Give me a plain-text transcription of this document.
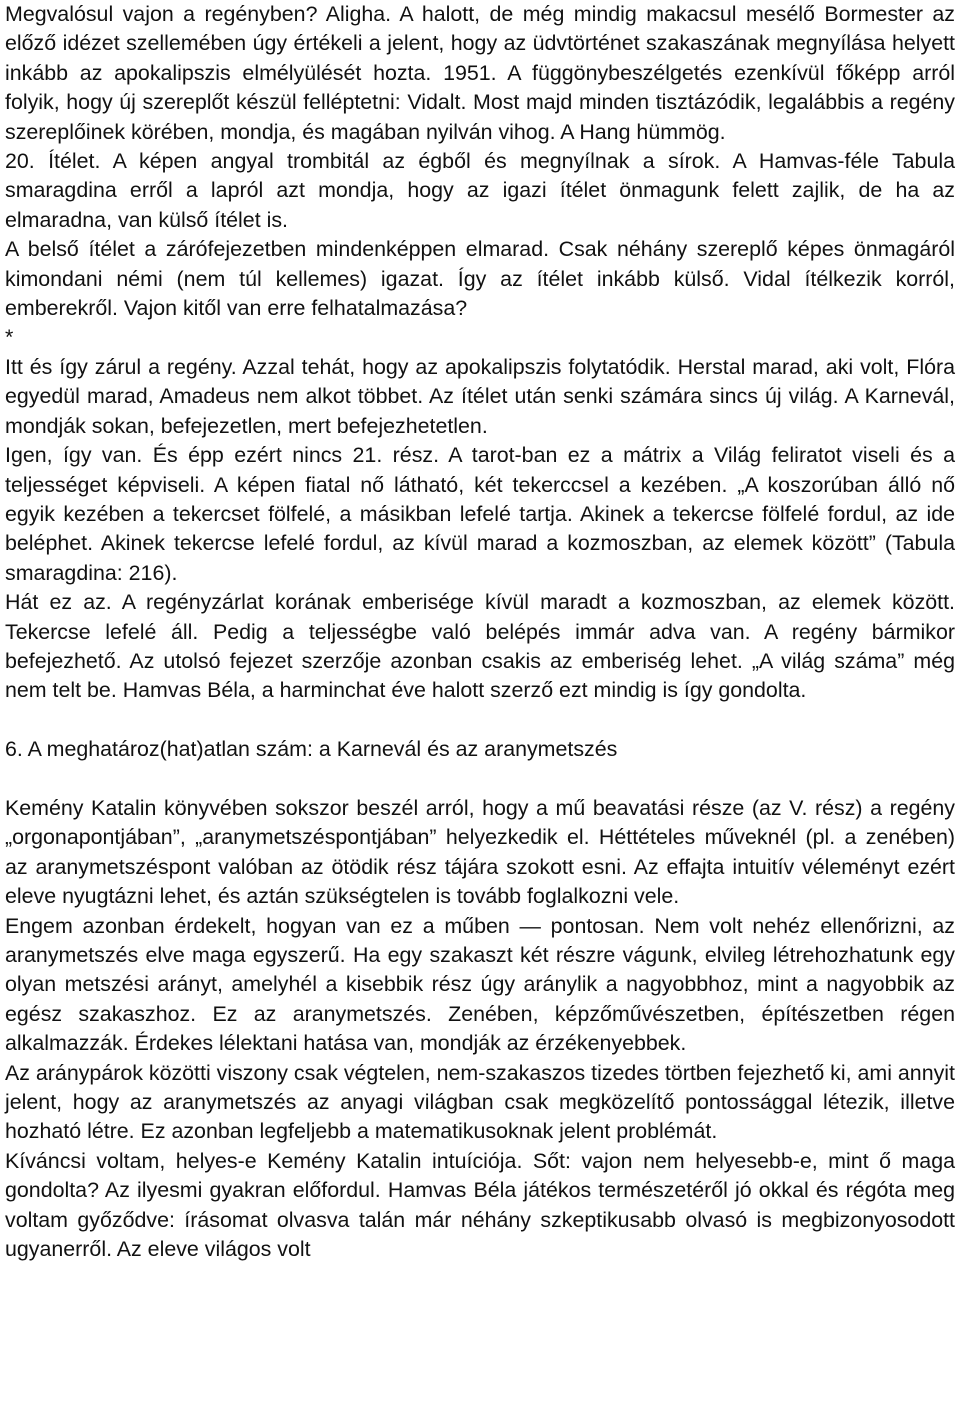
Megvalósul vajon a regényben? Aligha. A halott, de még mindig makacsul mesélő Bormester az előző idézet szellemében úgy értékeli a jelent, hogy az üdvtörténet szakaszának megnyílása helyett inkább az apokalipszis elmélyülését hozta. 1951. A függönybeszélgetés ezenkívül főképp arról folyik, hogy új szereplőt készül felléptetni: Vidalt. Most majd minden tisztázódik, legalábbis a regény szereplőinek körében, mondja, és magában nyilván vihog. A Hang hümmög.

20. Ítélet. A képen angyal trombitál az égből és megnyílnak a sírok. A Hamvas-féle Tabula smaragdina erről a lapról azt mondja, hogy az igazi ítélet önmagunk felett zajlik, de ha az elmaradna, van külső ítélet is.

A belső ítélet a zárófejezetben mindenképpen elmarad. Csak néhány szereplő képes önmagáról kimondani némi (nem túl kellemes) igazat. Így az ítélet inkább külső. Vidal ítélkezik korról, emberekről. Vajon kitől van erre felhatalmazása?

*

Itt és így zárul a regény. Azzal tehát, hogy az apokalipszis folytatódik. Herstal marad, aki volt, Flóra egyedül marad, Amadeus nem alkot többet. Az ítélet után senki számára sincs új világ. A Karnevál, mondják sokan, befejezetlen, mert befejezhetetlen.

Igen, így van. És épp ezért nincs 21. rész. A tarot-ban ez a mátrix a Világ feliratot viseli és a teljességet képviseli. A képen fiatal nő látható, két tekerccsel a kezében. „A koszorúban álló nő egyik kezében a tekercset fölfelé, a másikban lefelé tartja. Akinek a tekercse fölfelé fordul, az ide beléphet. Akinek tekercse lefelé fordul, az kívül marad a kozmoszban, az elemek között” (Tabula smaragdina: 216).

Hát ez az. A regényzárlat korának emberisége kívül maradt a kozmoszban, az elemek között. Tekercse lefelé áll. Pedig a teljességbe való belépés immár adva van. A regény bármikor befejezhető. Az utolsó fejezet szerzője azonban csakis az emberiség lehet. „A világ száma” még nem telt be. Hamvas Béla, a harminchat éve halott szerző ezt mindig is így gondolta.

6. A meghatároz(hat)atlan szám: a Karnevál és az aranymetszés

Kemény Katalin könyvében sokszor beszél arról, hogy a mű beavatási része (az V. rész) a regény „orgonapontjában”, „aranymetszéspontjában” helyezkedik el. Héttételes műveknél (pl. a zenében) az aranymetszéspont valóban az ötödik rész tájára szokott esni. Az effajta intuitív véleményt ezért eleve nyugtázni lehet, és aztán szükségtelen is tovább foglalkozni vele.

Engem azonban érdekelt, hogyan van ez a műben — pontosan. Nem volt nehéz ellenőrizni, az aranymetszés elve maga egyszerű. Ha egy szakaszt két részre vágunk, elvileg létrehozhatunk egy olyan metszési arányt, amelyhél a kisebbik rész úgy aránylik a nagyobbhoz, mint a nagyobbik az egész szakaszhoz. Ez az aranymetszés. Zenében, képzőművészetben, építészetben régen alkalmazzák. Érdekes lélektani hatása van, mondják az érzékenyebbek.

Az aránypárok közötti viszony csak végtelen, nem-szakaszos tizedes törtben fejezhető ki, ami annyit jelent, hogy az aranymetszés az anyagi világban csak megközelítő pontossággal létezik, illetve hozható létre. Ez azonban legfeljebb a matematikusoknak jelent problémát.

Kíváncsi voltam, helyes-e Kemény Katalin intuíciója. Sőt: vajon nem helyesebb-e, mint ő maga gondolta? Az ilyesmi gyakran előfordul. Hamvas Béla játékos természetéről jó okkal és régóta meg voltam győződve: írásomat olvasva talán már néhány szkeptikusabb olvasó is megbizonyosodott ugyanerről. Az eleve világos volt
